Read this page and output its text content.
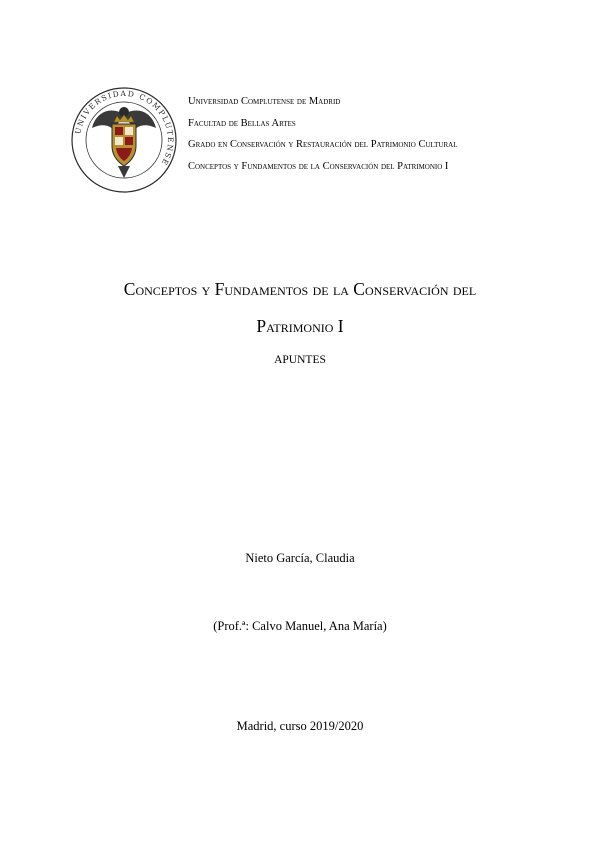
UNIVERSIDAD COMPLUTENSE
Universidad Complutense de Madrid
Facultad de Bellas Artes
Grado en Conservación y Restauración del Patrimonio Cultural
Conceptos y Fundamentos de la Conservación del Patrimonio I
Conceptos y Fundamentos de la Conservación del
Patrimonio I
APUNTES
Nieto García, Claudia
(Prof.ª: Calvo Manuel, Ana María)
Madrid, curso 2019/2020
